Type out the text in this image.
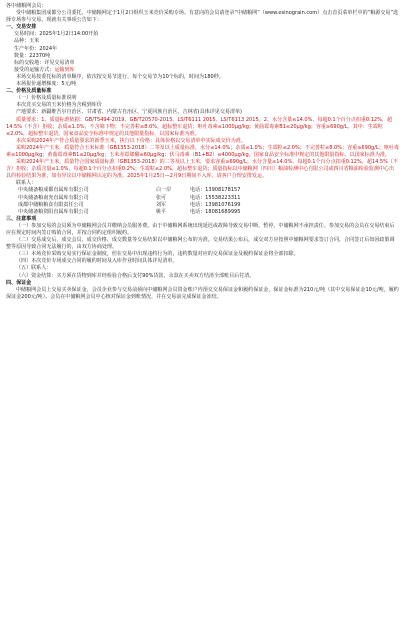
各中储粮网会员：

受中储粮集团成都分公司委托，中储粮网定于1月2日组织玉米竞价采购专场。有意向的会员请登录“中储粮网”（www.esinograin.com）点击首页菜单栏中的“粮源交易”选择专场参与交易。现就有关事项公告如下：

一、交易安排

交易时间：2025年1月2日14:00开始

品种：玉米

生产年份：2024年

数量：22370吨

标的交收地：详见交易清单

接受的运输方式：运输到库

本场交易按委托标的清单顺序，依次按交易节进行。每个交易节为10个标的，时间为180秒。

本场报价递增梯度：5元/吨

二、价格及质量标准

（一）价格及质量标准说明

本次竞买交易的玉米价格为含税到库价

产地要求：新疆维吾尔自治区、甘肃省、内蒙古自治区、宁夏回族自治区、吉林省(具体详见交易清单)

质量要求：1、质量标准依据：GB/T5494-2019、GB/T20570-2015、LS/T6111 2015、LS/T6113 2015。2、水分含量≤14.0%，每超0.1个百分点扣重0.12%，超14.5%（不含）拒收；杂质≤1.0%，不含筛下物；不完善粒≤8.0%，超标整车退货；呕吐毒素≤1000μg/kg；黄曲霉毒素B1≤20μg/kg；容重≥690g/L。其中：生霉粒≤2.0%，超标整车退货。国家食品安全标准中规定的其他限量指标，以国家标准为准。

本次采购2024年产符合质量要求的新季玉米，执行以下价格：具体价格以交易清单中实际成交价为准。

采购2024年产玉米，质量符合玉米标准（GB1353-2018）二等及以上质量标准，水分≤14.0%；杂质≤1.0%；生霉粒≤2.0%；不完善粒≤8.0%；容重≥690g/L；呕吐毒素≤1000μg/kg；黄曲霉毒素B1≤20μg/kg；玉米赤霉烯酮≤60μg/kg；伏马毒素（B1+B2）≤4000μg/kg。国家食品安全标准中规定的其他限量指标，以国家标准为准。

采购2024年产玉米，质量符合国家质量标准（GB1353-2018）的二等及以上玉米，要求容重≥690g/L；水分含量≤14.0%，每超0.1个百分点扣重0.12%，超14.5%（不含）拒收；杂质含量≤1.0%，每超0.1个百分点扣重0.2%；生霉粒≤2.0%，超标整车退货；质量指标以中储粮网（四川）粮油检测中心有限公司或四川省粮油检验监测中心出具的检验结果为准，如有异议以中储粮网认定的为准。2025年1月25日—2月9日期间不入库，请客户合理安排发运。

联系人：

中央储备粮成都直属库有限公司	白一岸	电话：13908178157
中央储备粮南充直属库有限公司	张可	电话：15538223311
成都中储粮粮食有限责任公司	刘军	电话：13981076199
中央储备粮资阳直属库有限公司	姚平	电话：18081689995

三、注意事项

（一）参加交易的会员须为中储粮网会员并缴纳会员服务费。由于中储粮网系统出现延迟或故障导致交易中断、暂停，中储粮网不承担责任。参加交易的会员在交易结束后应在规定时间内签订购销合同，并按合同约定组织履约。

（二）交易成交后，成交会员、成交价格、成交数量等交易结果以中储粮网公布的为准。交易结果公布后，成交双方应按照中储粮网要求签订合同，合同签订后如因政策调整等原因导致合同无法履行的，由双方协商处理。

（三）本场竞价采购交易实行保证金制度，但在交易中出现违约行为的，违约数量对应的交易保证金及履约保证金将全部扣除。

（四）本次竞价专场成交合同的履约时间及入库作业时间具体详见清单。

（五）联系人：

（六）资金结算：买方须在货物到库并经检验合格后支付90%货款，余款在买卖双方结清全部账目后付清。

四、保证金

中储粮网会员上交易买卖保证金，会员企业参与交易前须向中储粮网会员资金账户内预交交易保证金和履约保证金，保证金标准为210元/吨（其中交易保证金10元/吨，履约保证金200元/吨）。会员在中储粮网会员中心核对保证金到账情况，并在交易前完成保证金冻结。
